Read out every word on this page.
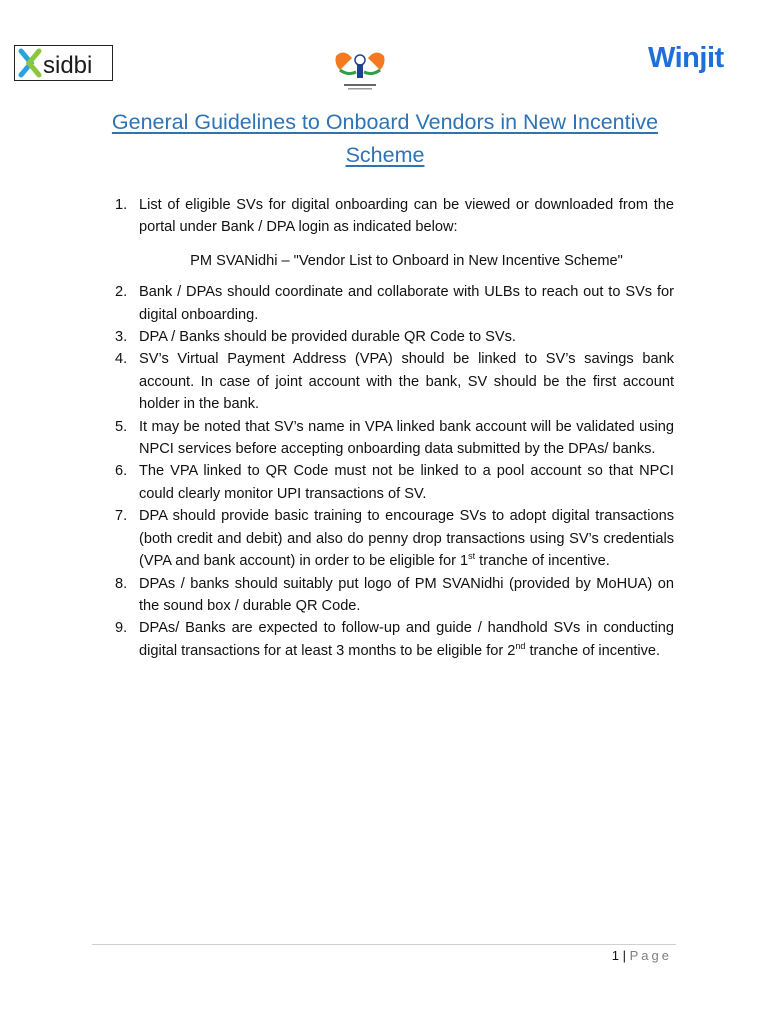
sidbi	Winjit
General Guidelines to Onboard Vendors in New Incentive Scheme
1. List of eligible SVs for digital onboarding can be viewed or downloaded from the portal under Bank / DPA login as indicated below:
PM SVANidhi – "Vendor List to Onboard in New Incentive Scheme"
2. Bank / DPAs should coordinate and collaborate with ULBs to reach out to SVs for digital onboarding.
3. DPA / Banks should be provided durable QR Code to SVs.
4. SV’s Virtual Payment Address (VPA) should be linked to SV’s savings bank account. In case of joint account with the bank, SV should be the first account holder in the bank.
5. It may be noted that SV’s name in VPA linked bank account will be validated using NPCI services before accepting onboarding data submitted by the DPAs/ banks.
6. The VPA linked to QR Code must not be linked to a pool account so that NPCI could clearly monitor UPI transactions of SV.
7. DPA should provide basic training to encourage SVs to adopt digital transactions (both credit and debit) and also do penny drop transactions using SV’s credentials (VPA and bank account) in order to be eligible for 1st tranche of incentive.
8. DPAs / banks should suitably put logo of PM SVANidhi (provided by MoHUA) on the sound box / durable QR Code.
9. DPAs/ Banks are expected to follow-up and guide / handhold SVs in conducting digital transactions for at least 3 months to be eligible for 2nd tranche of incentive.
1 | Page
